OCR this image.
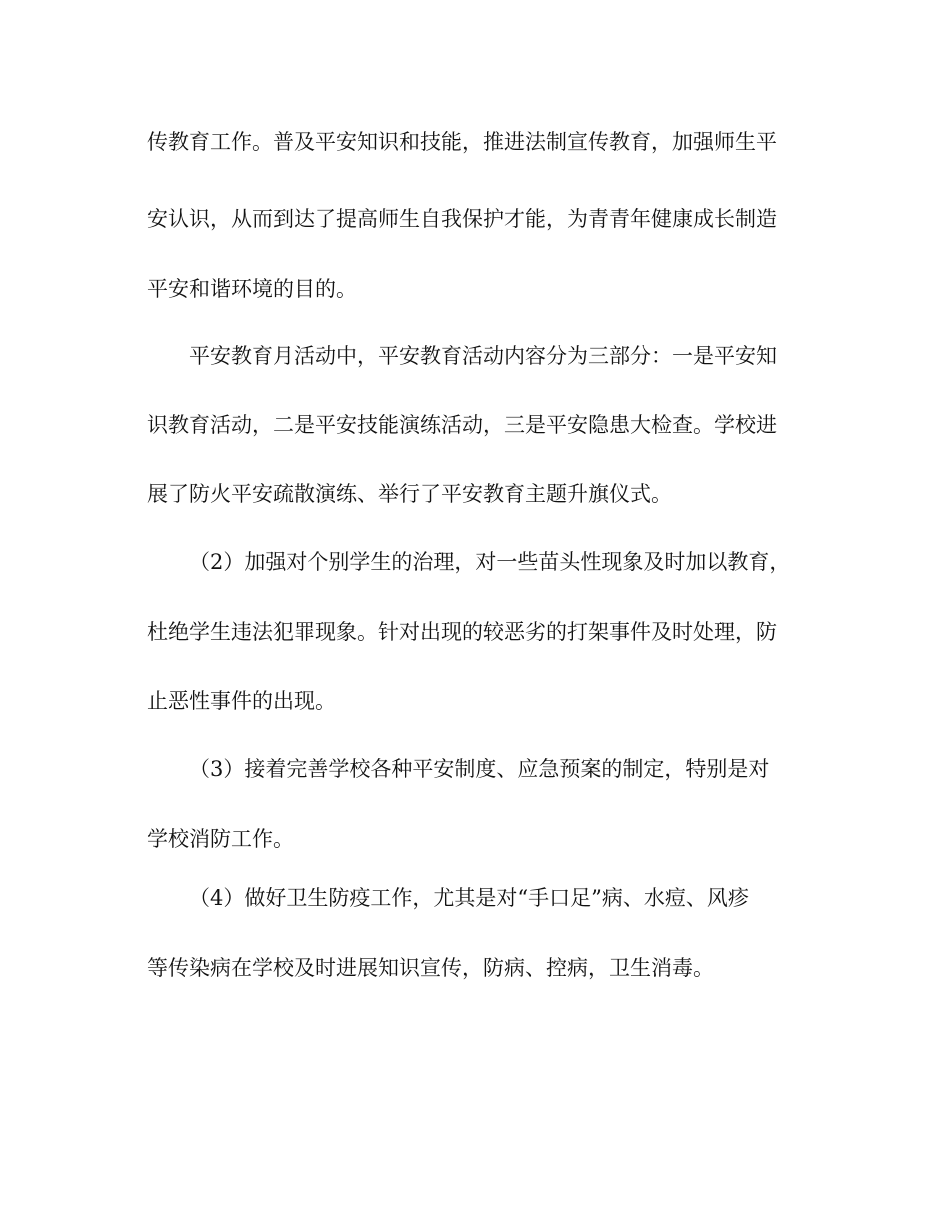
传教育工作。普及平安知识和技能，推进法制宣传教育，加强师生平

安认识，从而到达了提高师生自我保护才能，为青青年健康成长制造

平安和谐环境的目的。

平安教育月活动中，平安教育活动内容分为三部分：一是平安知

识教育活动，二是平安技能演练活动，三是平安隐患大检查。学校进

展了防火平安疏散演练、举行了平安教育主题升旗仪式。

（2）加强对个别学生的治理，对一些苗头性现象及时加以教育，

杜绝学生违法犯罪现象。针对出现的较恶劣的打架事件及时处理，防

止恶性事件的出现。

（3）接着完善学校各种平安制度、应急预案的制定，特别是对

学校消防工作。

（4）做好卫生防疫工作，尤其是对“手口足”病、水痘、风疹

等传染病在学校及时进展知识宣传，防病、控病，卫生消毒。
